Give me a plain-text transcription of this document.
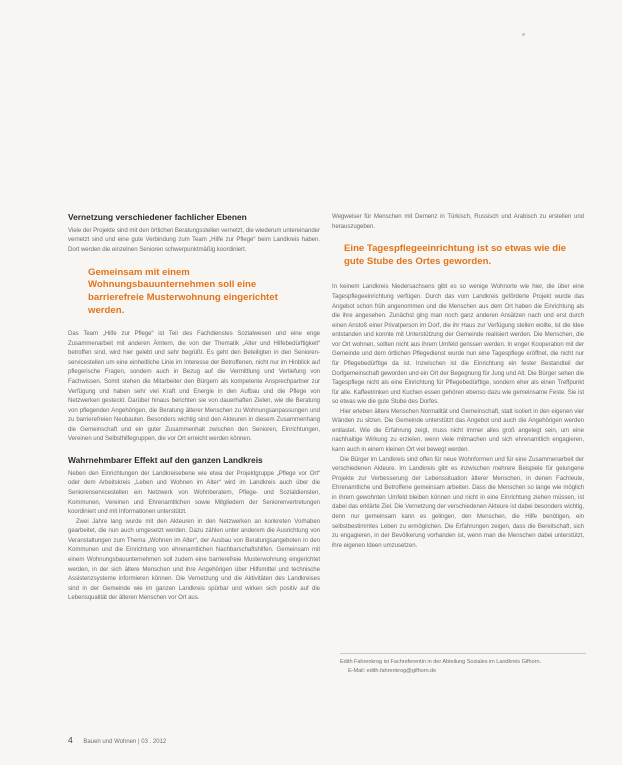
Vernetzung verschiedener fachlicher Ebenen

Viele der Projekte sind mit den örtlichen Beratungsstellen vernetzt, die wiederum untereinander vernetzt sind und eine gute Verbindung zum Team „Hilfe zur Pflege“ beim Landkreis haben. Dort werden die einzelnen Senioren schwerpunktmäßig koordiniert.

Gemeinsam mit einem Wohnungsbauunternehmen soll eine barrierefreie Musterwohnung eingerichtet werden.

Das Team „Hilfe zur Pflege“ ist Teil des Fachdienstes Sozialwesen und eine enge Zusammenarbeit mit anderen Ämtern, die von der Thematik „Alter und Hilfebedürftigkeit“ betroffen sind, wird hier gelebt und sehr begrüßt. Es geht den Beteiligten in den Seniorenservicestellen um eine einheitliche Linie im Interesse der Betroffenen, nicht nur im Hinblick auf pflegerische Fragen, sondern auch in Bezug auf die Vermittlung und Vertiefung von Fachwissen. Somit stehen die Mitarbeiter den Bürgern als kompetente Ansprechpartner zur Verfügung und haben sehr viel Kraft und Energie in den Aufbau und die Pflege von Netzwerken gesteckt. Darüber hinaus berichten sie von dauerhaften Zielen, wie die Beratung von pflegenden Angehörigen, die Beratung älterer Menschen zu Wohnungsanpassungen und zu barrierefreien Neubauten. Besonders wichtig sind den Akteuren in diesem Zusammenhang die Gemeinschaft und ein guter Zusammenhalt zwischen den Senioren, Einrichtungen, Vereinen und Selbsthilfegruppen, die vor Ort erreicht werden können.

Wahrnehmbarer Effekt auf den ganzen Landkreis

Neben den Einrichtungen der Landkreisebene wie etwa der Projektgruppe „Pflege vor Ort“ oder dem Arbeitskreis „Leben und Wohnen im Alter“ wird im Landkreis auch über die Seniorenservicestellen ein Netzwerk von Wohnberatern, Pflege- und Sozialdiensten, Kommunen, Vereinen und Ehrenamtlichen sowie Mitgliedern der Seniorenvertretungen koordiniert und mit Informationen unterstützt.

Zwei Jahre lang wurde mit den Akteuren in den Netzwerken an konkreten Vorhaben gearbeitet, die nun auch umgesetzt werden. Dazu zählen unter anderem die Ausrichtung von Veranstaltungen zum Thema „Wohnen im Alter“, der Ausbau von Beratungsangeboten in den Kommunen und die Einrichtung von ehrenamtlichen Nachbarschaftshilfen. Gemeinsam mit einem Wohnungsbauunternehmen soll zudem eine barrierefreie Musterwohnung eingerichtet werden, in der sich ältere Menschen und ihre Angehörigen über Hilfsmittel und technische Assistenzsysteme informieren können. Die Vernetzung und die Aktivitäten des Landkreises sind in der Gemeinde wie im ganzen Landkreis spürbar und wirken sich positiv auf die Lebensqualität der älteren Menschen vor Ort aus.

Wegweiser für Menschen mit Demenz in Türkisch, Russisch und Arabisch zu erstellen und herauszugeben.

Eine Tagespflegeeinrichtung ist so etwas wie die gute Stube des Ortes geworden.

In keinem Landkreis Niedersachsens gibt es so wenige Wohnorte wie hier, die über eine Tagespflegeeinrichtung verfügen. Durch das vom Landkreis geförderte Projekt wurde das Angebot schon früh angenommen und die Menschen aus dem Ort haben die Einrichtung als die ihre angesehen. Zunächst ging man noch ganz anderen Ansätzen nach und erst durch einen Anstoß einer Privatperson im Dorf, die ihr Haus zur Verfügung stellen wollte, ist die Idee entstanden und konnte mit Unterstützung der Gemeinde realisiert werden. Die Menschen, die vor Ort wohnen, sollten nicht aus ihrem Umfeld gerissen werden. In enger Kooperation mit der Gemeinde und dem örtlichen Pflegedienst wurde nun eine Tagespflege eröffnet, die nicht nur für Pflegebedürftige da ist. Inzwischen ist die Einrichtung ein fester Bestandteil der Dorfgemeinschaft geworden und ein Ort der Begegnung für Jung und Alt. Die Bürger sehen die Tagespflege nicht als eine Einrichtung für Pflegebedürftige, sondern eher als einen Treffpunkt für alle. Kaffeetrinken und Kuchen essen gehören ebenso dazu wie gemeinsame Feste. Sie ist so etwas wie die gute Stube des Dorfes.

Hier erleben ältere Menschen Normalität und Gemeinschaft, statt isoliert in den eigenen vier Wänden zu sitzen. Die Gemeinde unterstützt das Angebot und auch die Angehörigen werden entlastet. Wie die Erfahrung zeigt, muss nicht immer alles groß angelegt sein, um eine nachhaltige Wirkung zu erzielen, wenn viele mitmachen und sich ehrenamtlich engagieren, kann auch in einem kleinen Ort viel bewegt werden.

Die Bürger im Landkreis sind offen für neue Wohnformen und für eine Zusammenarbeit der verschiedenen Akteure. Im Landkreis gibt es inzwischen mehrere Beispiele für gelungene Projekte zur Verbesserung der Lebenssituation älterer Menschen, in denen Fachleute, Ehrenamtliche und Betroffene gemeinsam arbeiten. Dass die Menschen so lange wie möglich in ihrem gewohnten Umfeld bleiben können und nicht in eine Einrichtung ziehen müssen, ist dabei das erklärte Ziel. Die Vernetzung der verschiedenen Akteure ist dabei besonders wichtig, denn nur gemeinsam kann es gelingen, den Menschen, die Hilfe benötigen, ein selbstbestimmtes Leben zu ermöglichen. Die Erfahrungen zeigen, dass die Bereitschaft, sich zu engagieren, in der Bevölkerung vorhanden ist, wenn man die Menschen dabei unterstützt, ihre eigenen Ideen umzusetzen.

Edith Fahrenkrog ist Fachreferentin in der Abteilung Soziales im Landkreis Gifhorn.

E-Mail: edith.fahrenkrog@gifhorn.de

4 Bauen und Wohnen | 03 . 2012
